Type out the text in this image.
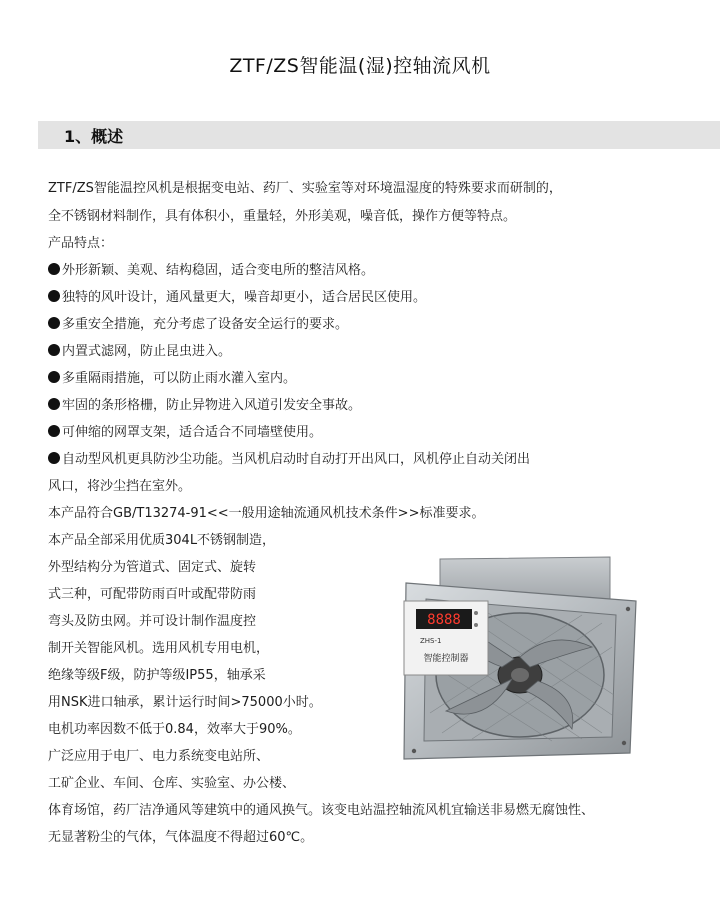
ZTF/ZS智能温(湿)控轴流风机
1、概述
ZTF/ZS智能温控风机是根据变电站、药厂、实验室等对环境温湿度的特殊要求而研制的，
全不锈钢材料制作，具有体积小，重量轻，外形美观，噪音低，操作方便等特点。
产品特点：
外形新颖、美观、结构稳固，适合变电所的整洁风格。
独特的风叶设计，通风量更大，噪音却更小，适合居民区使用。
多重安全措施，充分考虑了设备安全运行的要求。
内置式滤网，防止昆虫进入。
多重隔雨措施，可以防止雨水灌入室内。
牢固的条形格栅，防止异物进入风道引发安全事故。
可伸缩的网罩支架，适合适合不同墙壁使用。
自动型风机更具防沙尘功能。当风机启动时自动打开出风口，风机停止自动关闭出
风口，将沙尘挡在室外。
本产品符合GB/T13274-91<<一般用途轴流通风机技术条件>>标准要求。
本产品全部采用优质304L不锈钢制造，
外型结构分为管道式、固定式、旋转
式三种，可配带防雨百叶或配带防雨
弯头及防虫网。并可设计制作温度控
制开关智能风机。选用风机专用电机，
绝缘等级F级，防护等级IP55，轴承采
用NSK进口轴承，累计运行时间>75000小时。
电机功率因数不低于0.84，效率大于90%。
广泛应用于电厂、电力系统变电站所、
工矿企业、车间、仓库、实验室、办公楼、
体育场馆，药厂洁净通风等建筑中的通风换气。该变电站温控轴流风机宜输送非易燃无腐蚀性、
无显著粉尘的气体，气体温度不得超过60℃。
8888
ZHS-1
智能控制器
